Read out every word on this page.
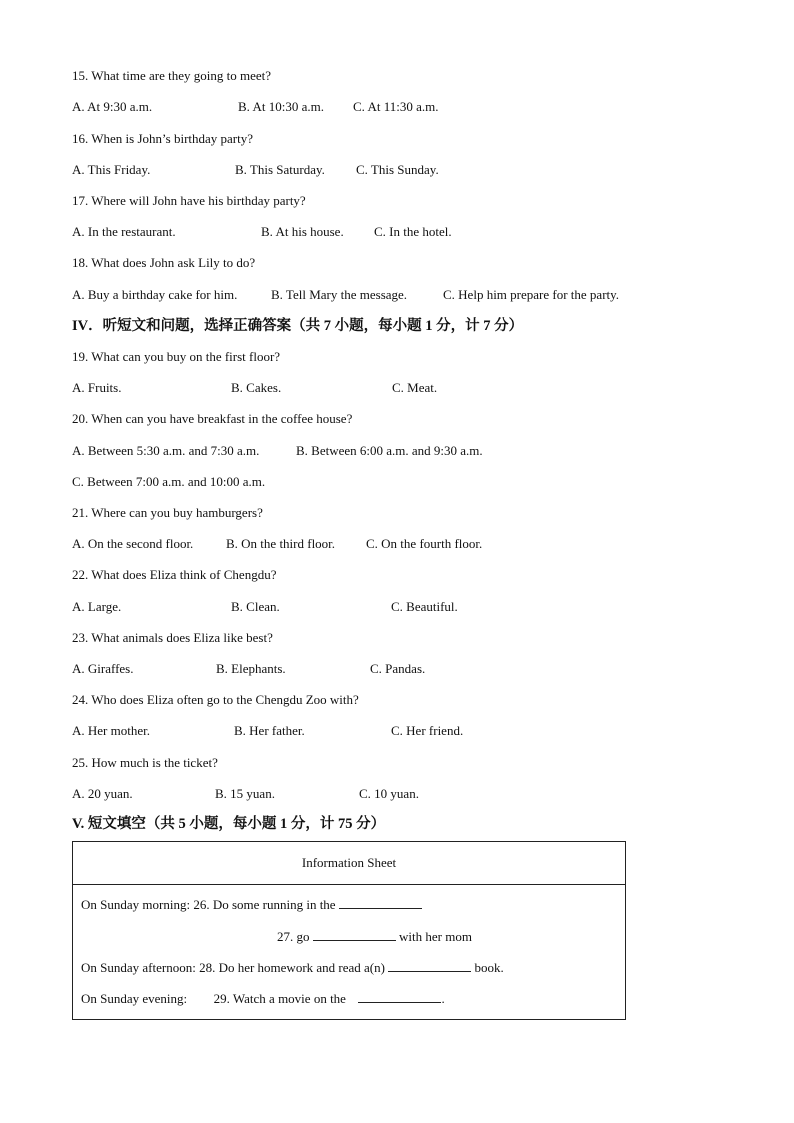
15. What time are they going to meet?
A. At 9:30 a.m.	B. At 10:30 a.m. C. At 11:30 a.m.
16. When is John’s birthday party?
A. This Friday.	B. This Saturday. C. This Sunday.
17. Where will John have his birthday party?
A. In the restaurant.	B. At his house. C. In the hotel.
18. What does John ask Lily to do?
A. Buy a birthday cake for him.	B. Tell Mary the message.	C. Help him prepare for the party.
IV．听短文和问题，选择正确答案（共 7 小题，每小题 1 分，计 7 分）
19. What can you buy on the first floor?
A. Fruits.	B. Cakes.	C. Meat.
20. When can you have breakfast in the coffee house?
A. Between 5:30 a.m. and 7:30 a.m.	B. Between 6:00 a.m. and 9:30 a.m.
C. Between 7:00 a.m. and 10:00 a.m.
21. Where can you buy hamburgers?
A. On the second floor.	B. On the third floor. C. On the fourth floor.
22. What does Eliza think of Chengdu?
A. Large.	B. Clean.	C. Beautiful.
23. What animals does Eliza like best?
A. Giraffes.	B. Elephants.	C. Pandas.
24. Who does Eliza often go to the Chengdu Zoo with?
A. Her mother.	B. Her father.	C. Her friend.
25. How much is the ticket?
A. 20 yuan.	B. 15 yuan.	C. 10 yuan.
V. 短文填空（共 5 小题，每小题 1 分，计 75 分）
Information Sheet
On Sunday morning: 26. Do some running in the
27. go	with her mom
On Sunday afternoon: 28. Do her homework and read a(n)	book.
On Sunday evening: 29. Watch a movie on the	.
